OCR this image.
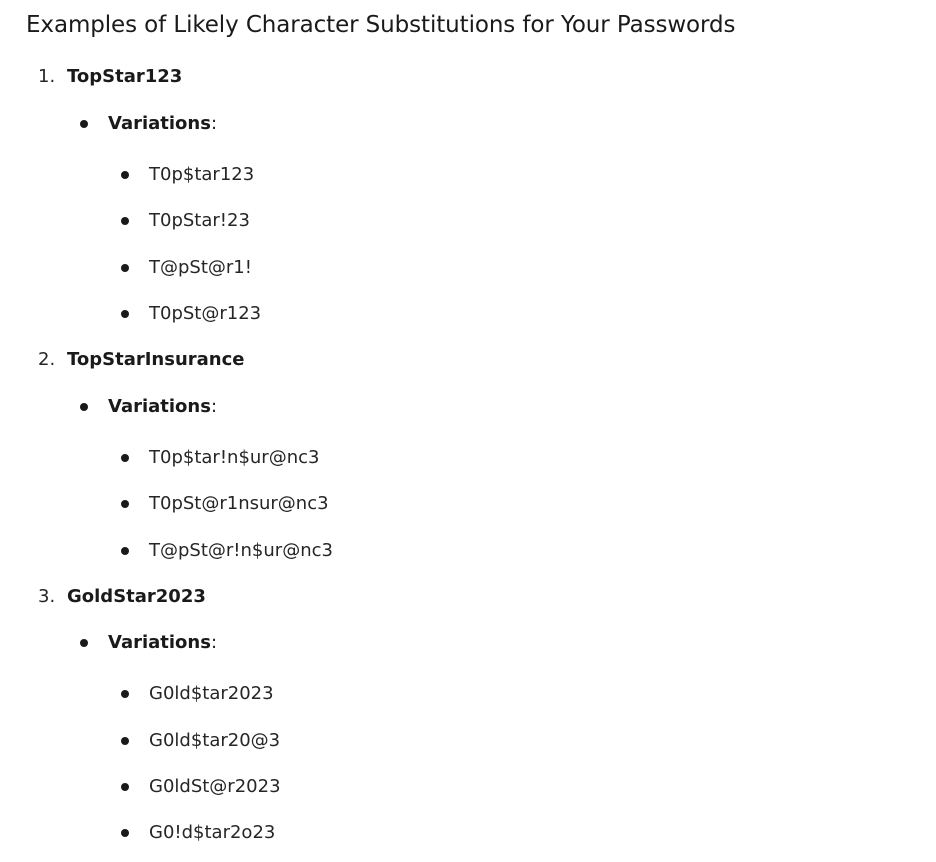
Examples of Likely Character Substitutions for Your Passwords
1. TopStar123
Variations:
T0p$tar123
T0pStar!23
T@pSt@r1!
T0pSt@r123
2. TopStarInsurance
Variations:
T0p$tar!n$ur@nc3
T0pSt@r1nsur@nc3
T@pSt@r!n$ur@nc3
3. GoldStar2023
Variations:
G0ld$tar2023
G0ld$tar20@3
G0ldSt@r2023
G0!d$tar2o23
